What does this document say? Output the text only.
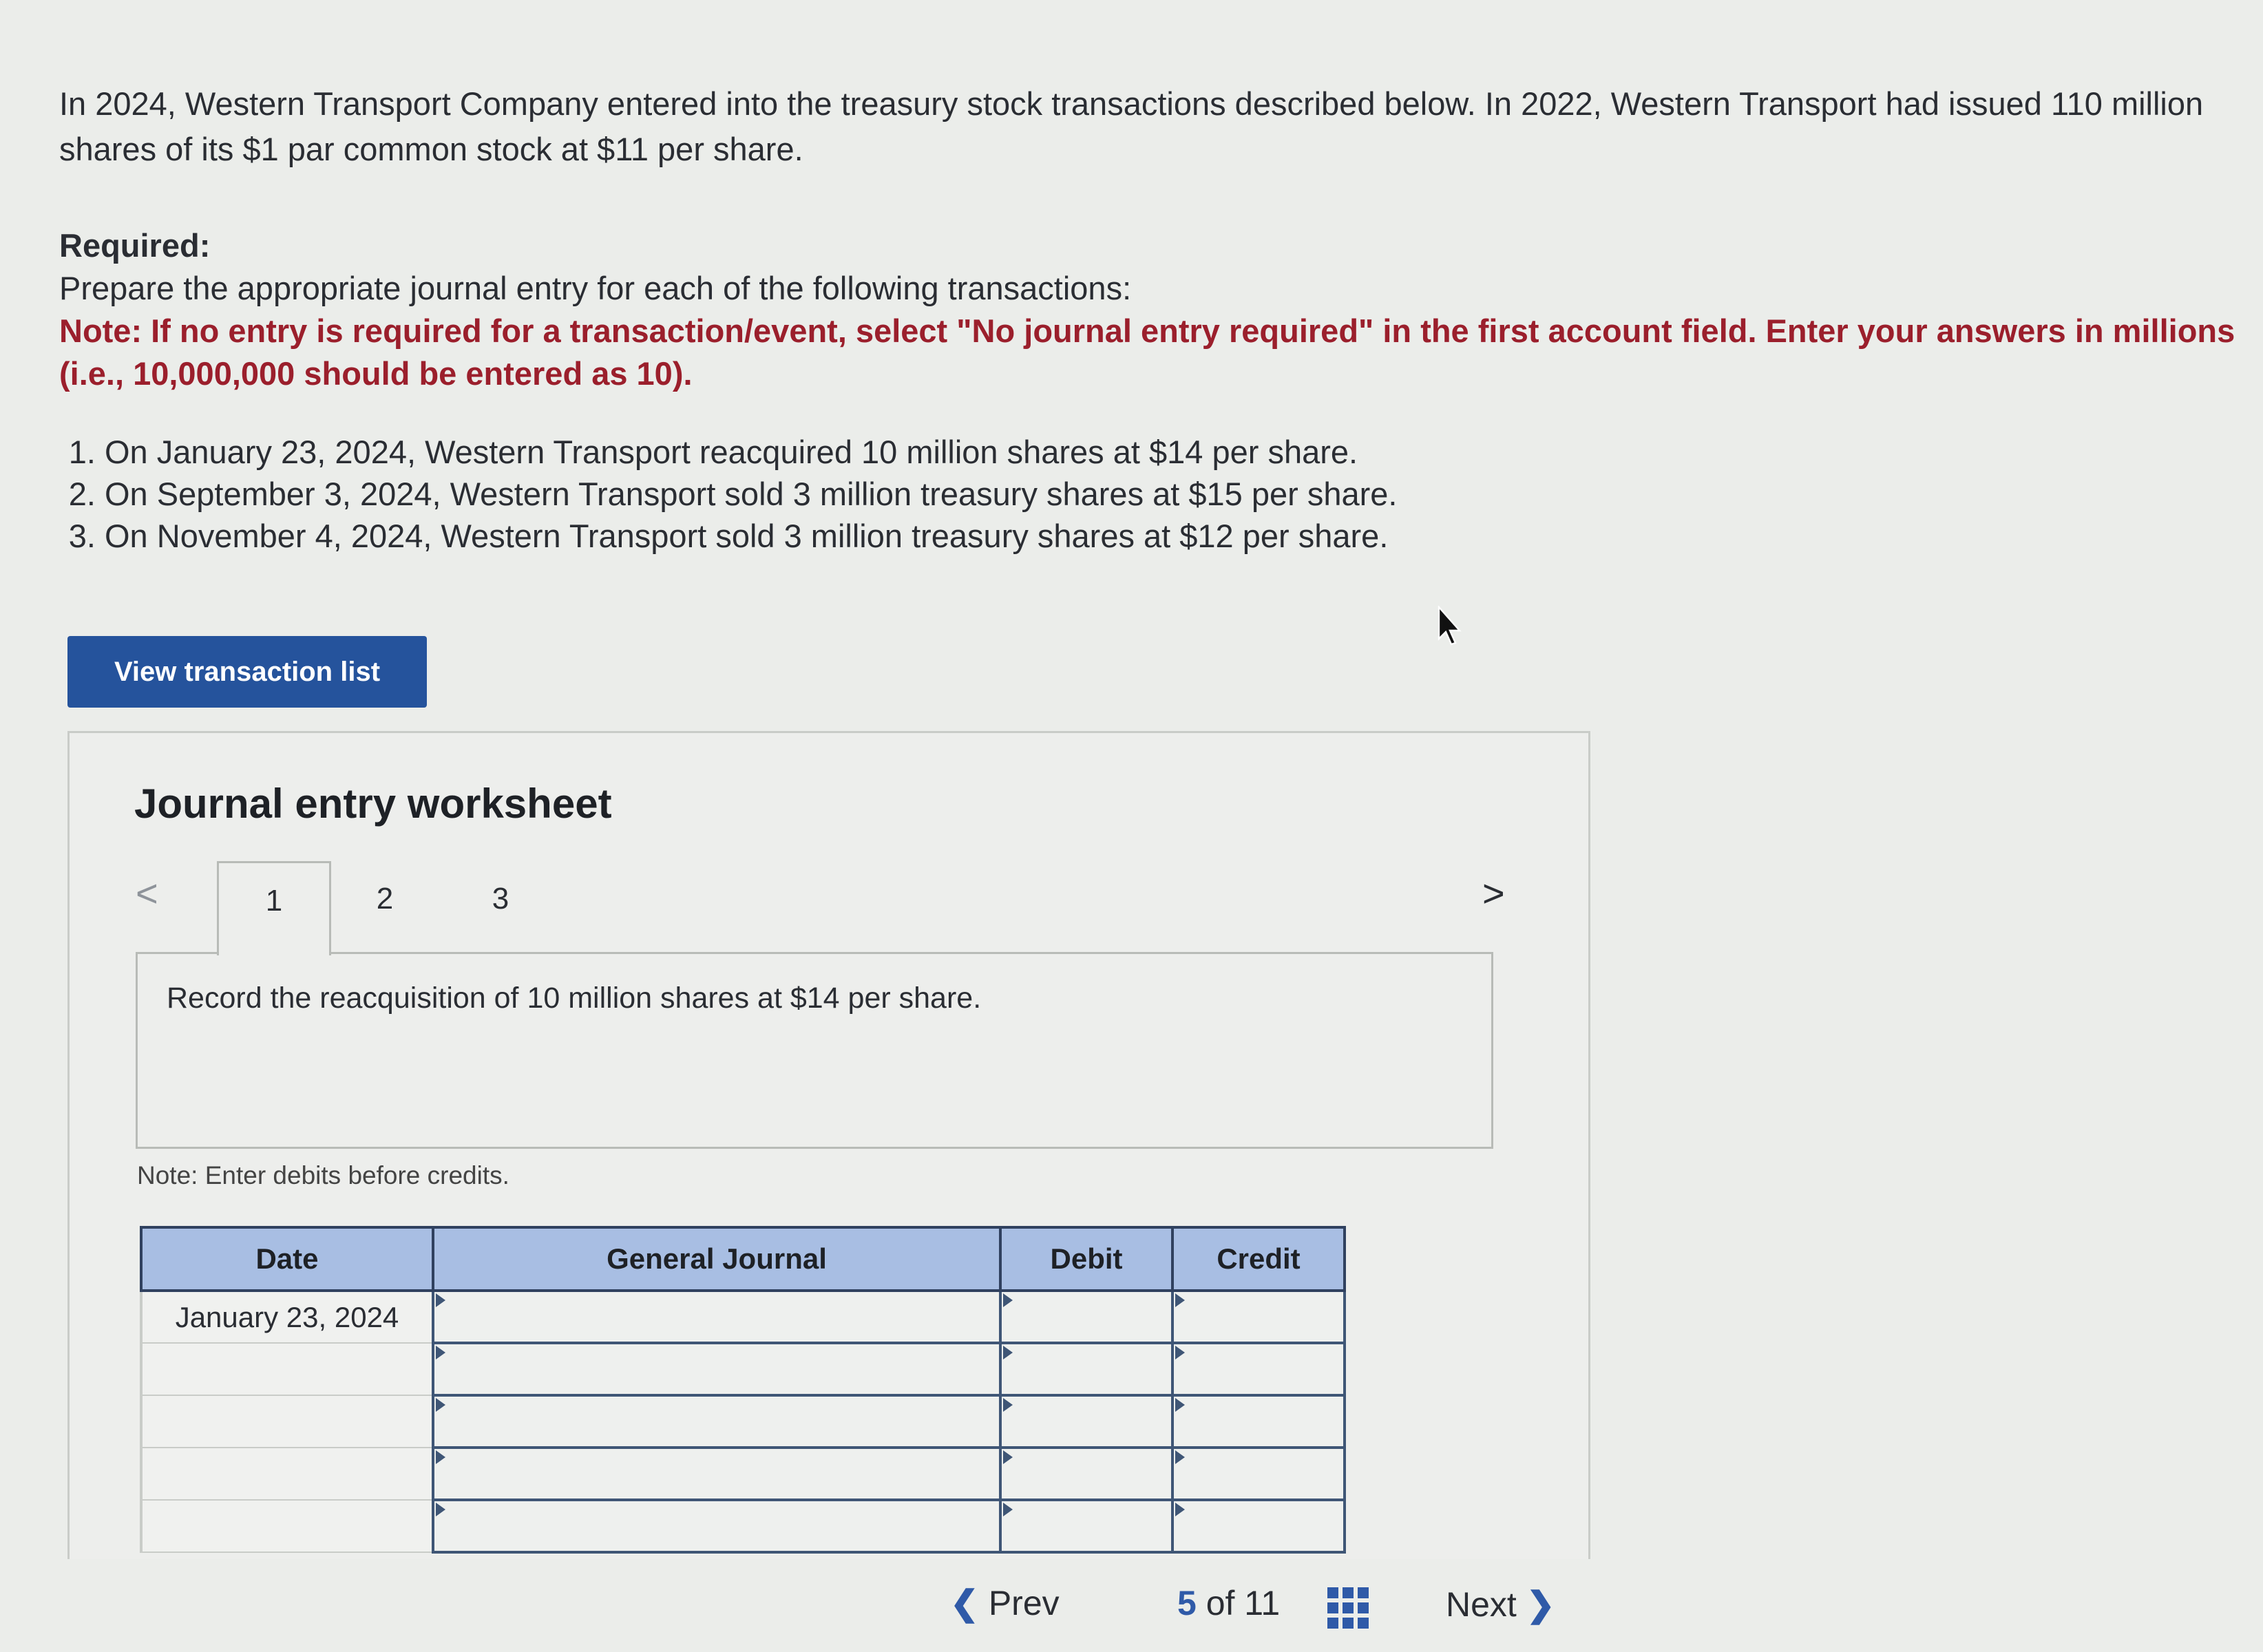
In 2024, Western Transport Company entered into the treasury stock transactions described below. In 2022, Western Transport had issued 110 million shares of its $1 par common stock at $11 per share.
Required:
Prepare the appropriate journal entry for each of the following transactions:
Note: If no entry is required for a transaction/event, select "No journal entry required" in the first account field. Enter your answers in millions (i.e., 10,000,000 should be entered as 10).
1. On January 23, 2024, Western Transport reacquired 10 million shares at $14 per share.
2. On September 3, 2024, Western Transport sold 3 million treasury shares at $15 per share.
3. On November 4, 2024, Western Transport sold 3 million treasury shares at $12 per share.
View transaction list
Journal entry worksheet
<	1	2	3	>
Record the reacquisition of 10 million shares at $14 per share.
Note: Enter debits before credits.
Date	General Journal	Debit	Credit
January 23, 2024	

❮ Prev	5 of 11	Next ❯
